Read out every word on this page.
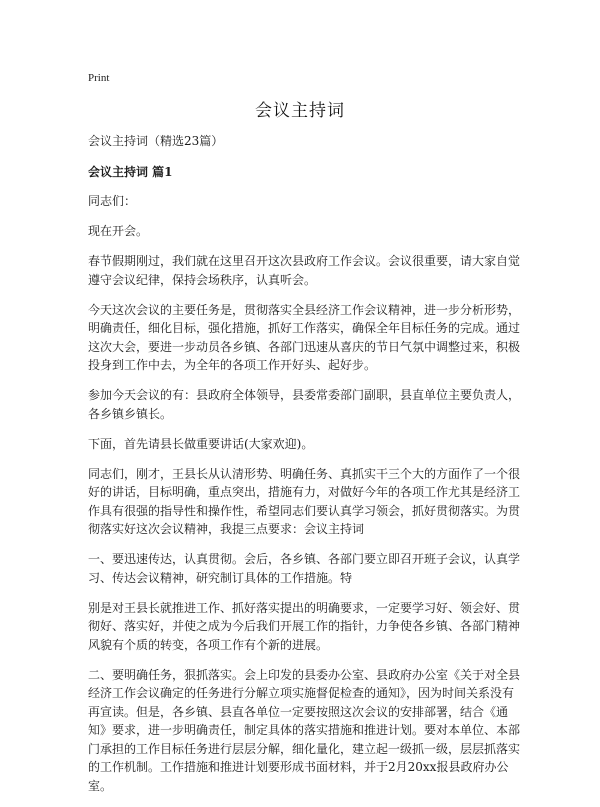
Print
会议主持词

会议主持词（精选23篇）

会议主持词 篇1

同志们：

现在开会。

春节假期刚过，我们就在这里召开这次县政府工作会议。会议很重要，请大家自觉遵守会议纪律，保持会场秩序，认真听会。

今天这次会议的主要任务是，贯彻落实全县经济工作会议精神，进一步分析形势，明确责任，细化目标，强化措施，抓好工作落实，确保全年目标任务的完成。通过这次大会，要进一步动员各乡镇、各部门迅速从喜庆的节日气氛中调整过来，积极投身到工作中去，为全年的各项工作开好头、起好步。

参加今天会议的有：县政府全体领导，县委常委部门副职，县直单位主要负责人，各乡镇乡镇长。

下面，首先请县长做重要讲话(大家欢迎)。

同志们，刚才，王县长从认清形势、明确任务、真抓实干三个大的方面作了一个很好的讲话，目标明确，重点突出，措施有力，对做好今年的各项工作尤其是经济工作具有很强的指导性和操作性，希望同志们要认真学习领会，抓好贯彻落实。为贯彻落实好这次会议精神，我提三点要求：会议主持词

一、要迅速传达，认真贯彻。会后，各乡镇、各部门要立即召开班子会议，认真学习、传达会议精神，研究制订具体的工作措施。特

别是对王县长就推进工作、抓好落实提出的明确要求，一定要学习好、领会好、贯彻好、落实好，并使之成为今后我们开展工作的指针，力争使各乡镇、各部门精神风貌有个质的转变，各项工作有个新的进展。

二、要明确任务，狠抓落实。会上印发的县委办公室、县政府办公室《关于对全县经济工作会议确定的任务进行分解立项实施督促检查的通知》，因为时间关系没有再宣读。但是，各乡镇、县直各单位一定要按照这次会议的安排部署，结合《通知》要求，进一步明确责任，制定具体的落实措施和推进计划。要对本单位、本部门承担的工作目标任务进行层层分解，细化量化，建立起一级抓一级，层层抓落实的工作机制。工作措施和推进计划要形成书面材料，并于2月20xx报县政府办公室。
